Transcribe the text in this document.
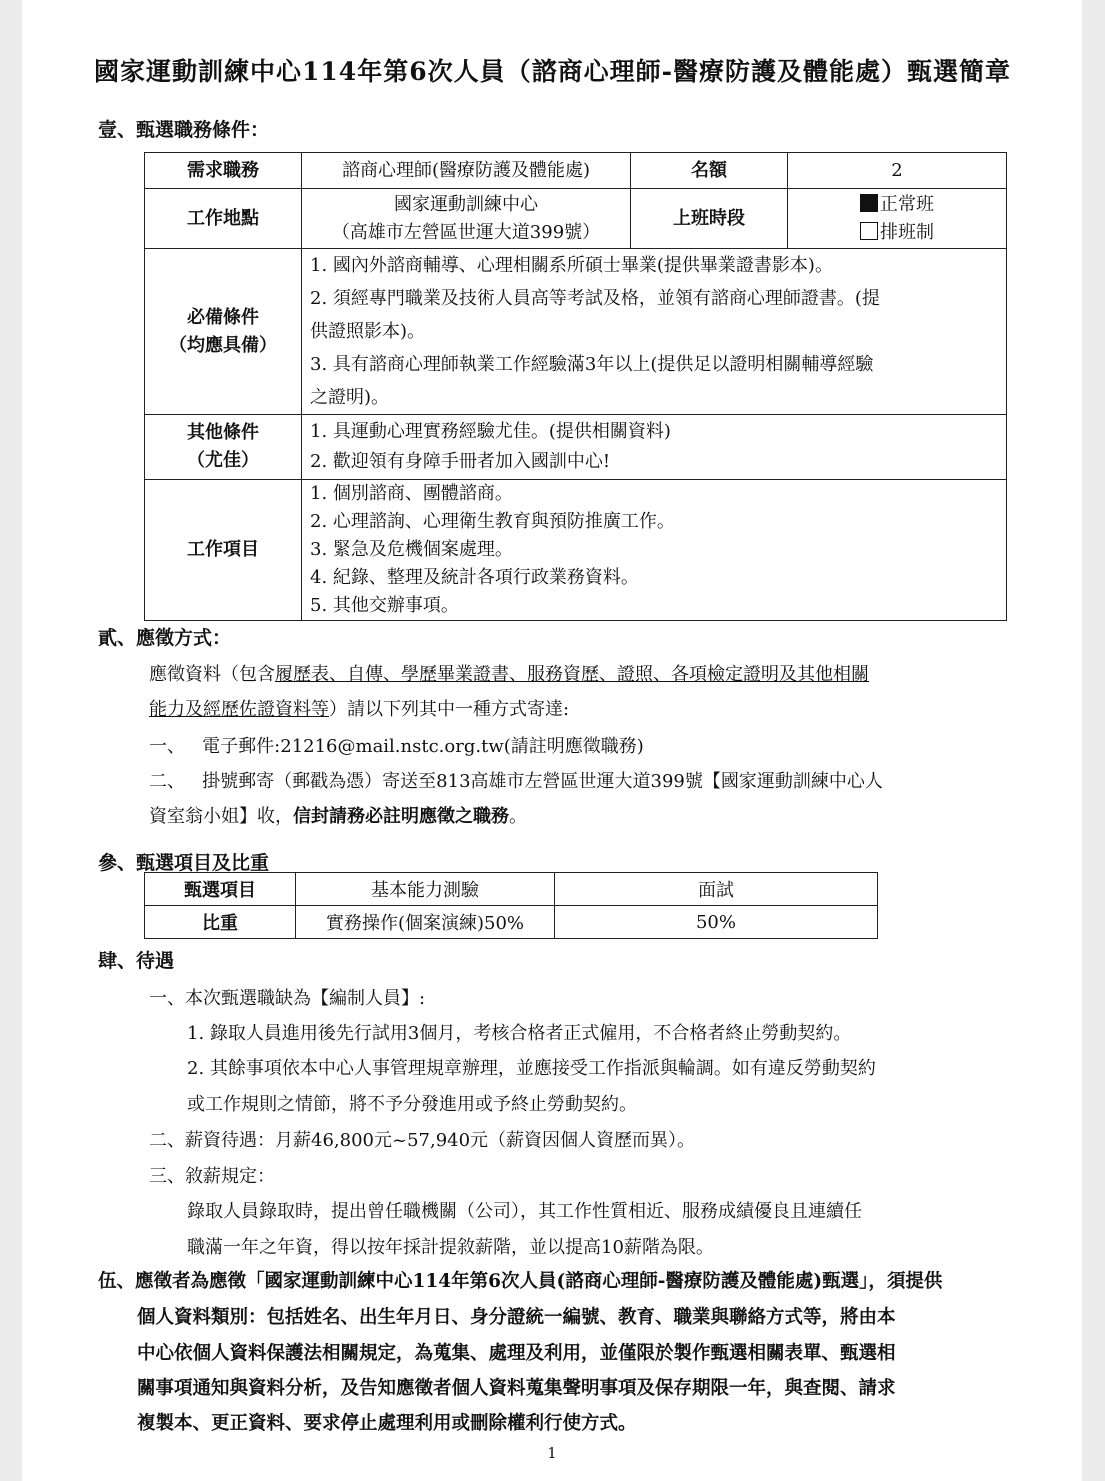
國家運動訓練中心114年第6次人員（諮商心理師-醫療防護及體能處）甄選簡章
壹、甄選職務條件：
需求職務	諮商心理師(醫療防護及體能處)	名額	2
工作地點	國家運動訓練中心
（高雄市左營區世運大道399號）	上班時段	正常班
排班制

必備條件
（均應具備）	1. 國內外諮商輔導、心理相關系所碩士畢業(提供畢業證書影本)。
2. 須經專門職業及技術人員高等考試及格，並領有諮商心理師證書。(提
供證照影本)。
3. 具有諮商心理師執業工作經驗滿3年以上(提供足以證明相關輔導經驗
之證明)。		

其他條件
（尤佳）	1. 具運動心理實務經驗尤佳。(提供相關資料)
2. 歡迎領有身障手冊者加入國訓中心!		

工作項目	1. 個別諮商、團體諮商。
2. 心理諮詢、心理衛生教育與預防推廣工作。
3. 緊急及危機個案處理。
4. 紀錄、整理及統計各項行政業務資料。
5. 其他交辦事項。		
貳、應徵方式：
應徵資料（包含履歷表、自傳、學歷畢業證書、服務資歷、證照、各項檢定證明及其他相關
能力及經歷佐證資料等）請以下列其中一種方式寄達:
一、 電子郵件:21216@mail.nstc.org.tw(請註明應徵職務)
二、 掛號郵寄（郵戳為憑）寄送至813高雄市左營區世運大道399號【國家運動訓練中心人
資室翁小姐】收，信封請務必註明應徵之職務。
參、甄選項目及比重
甄選項目	基本能力測驗	面試
比重	實務操作(個案演練)50%	50%
肆、待遇
一、本次甄選職缺為【編制人員】:
1. 錄取人員進用後先行試用3個月，考核合格者正式僱用，不合格者終止勞動契約。
2. 其餘事項依本中心人事管理規章辦理，並應接受工作指派與輪調。如有違反勞動契約
或工作規則之情節，將不予分發進用或予終止勞動契約。
二、薪資待遇：月薪46,800元~57,940元（薪資因個人資歷而異）。
三、敘薪規定：
錄取人員錄取時，提出曾任職機關（公司），其工作性質相近、服務成績優良且連續任
職滿一年之年資，得以按年採計提敘薪階，並以提高10薪階為限。
伍、應徵者為應徵「國家運動訓練中心114年第6次人員(諮商心理師-醫療防護及體能處)甄選」，須提供
個人資料類別：包括姓名、出生年月日、身分證統一編號、教育、職業與聯絡方式等，將由本
中心依個人資料保護法相關規定，為蒐集、處理及利用，並僅限於製作甄選相關表單、甄選相
關事項通知與資料分析，及告知應徵者個人資料蒐集聲明事項及保存期限一年，與查閱、請求
複製本、更正資料、要求停止處理利用或刪除權利行使方式。
1
